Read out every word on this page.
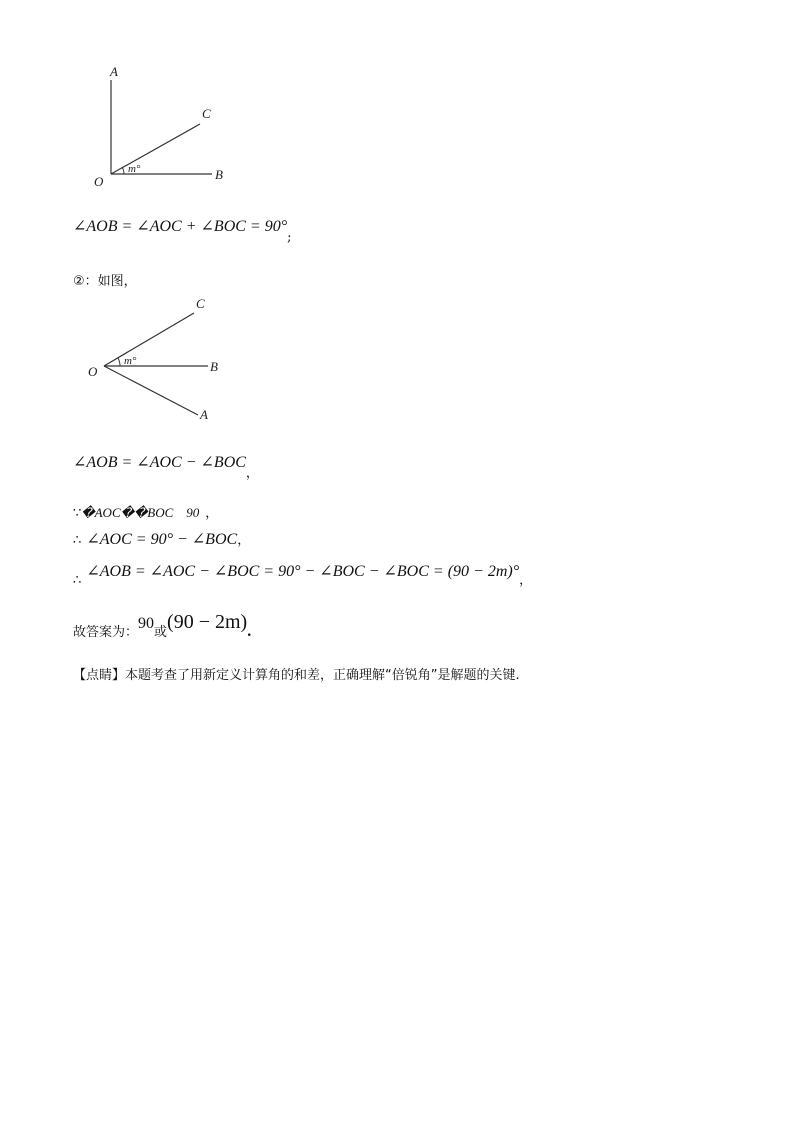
A
C
O	B
m°
∠AOB = ∠AOC + ∠BOC = $90^\circ_;$
②：如图，
C
O	B
A
m°
∠AOB = ∠AOC − $\angle BOC_,$
∵�AOC��BOC    90 ，
∴ ∠AOC = 90° − ∠BOC，
$_\therefore$ ∠AOB = ∠AOC − ∠BOC = 90° − ∠BOC − ∠BOC = $(90 - 2m)^\circ_,$
$_{故答案为:}90_或(90 - 2m)$.
【点睛】本题考查了用新定义计算角的和差，正确理解“倍锐角”是解题的关键.
